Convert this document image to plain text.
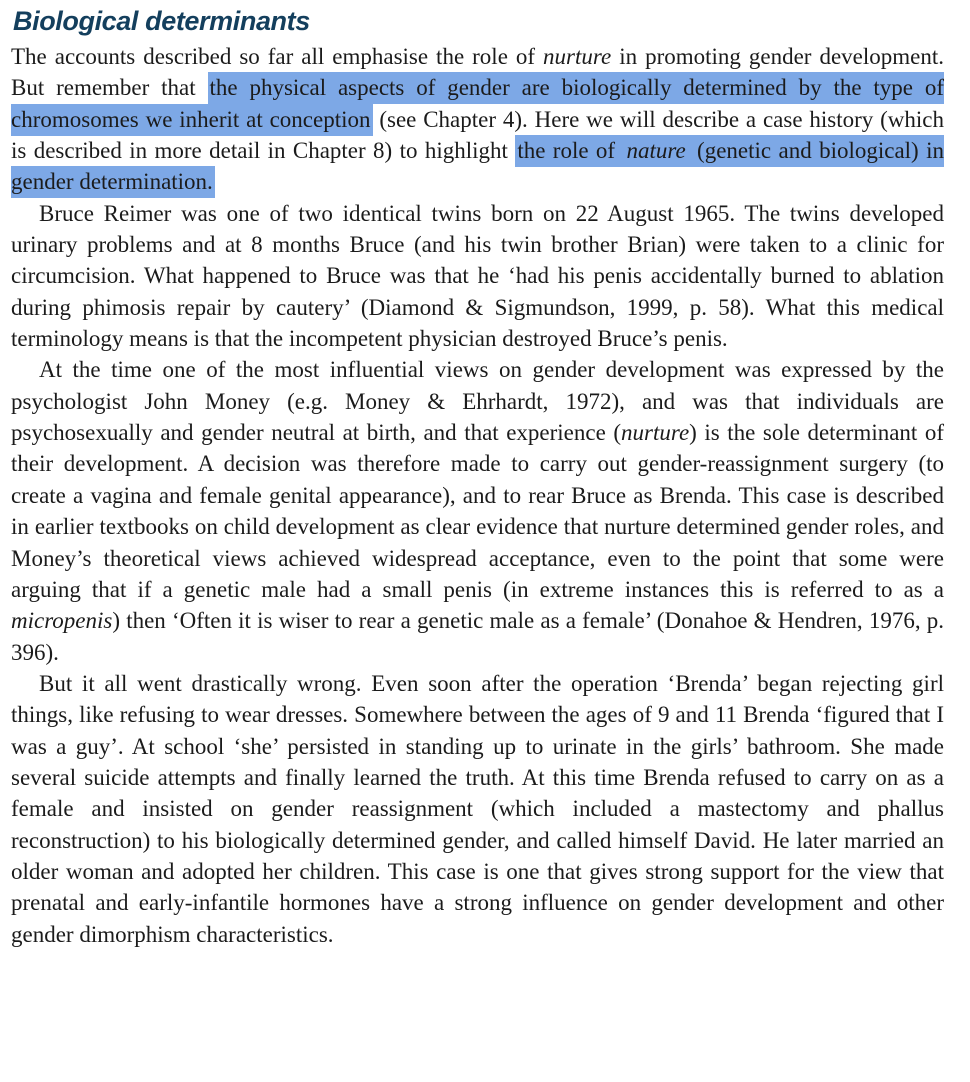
Biological determinants

The accounts described so far all emphasise the role of nurture in promoting gender development. But remember that the physical aspects of gender are biologically determined by the type of chromosomes we inherit at conception (see Chapter 4). Here we will describe a case history (which is described in more detail in Chapter 8) to highlight the role of nature (genetic and biological) in gender determination.

Bruce Reimer was one of two identical twins born on 22 August 1965. The twins developed urinary problems and at 8 months Bruce (and his twin brother Brian) were taken to a clinic for circumcision. What happened to Bruce was that he ‘had his penis accidentally burned to ablation during phimosis repair by cautery’ (Diamond & Sigmundson, 1999, p. 58). What this medical terminology means is that the incompetent physician destroyed Bruce’s penis.

At the time one of the most influential views on gender development was expressed by the psychologist John Money (e.g. Money & Ehrhardt, 1972), and was that individuals are psychosexually and gender neutral at birth, and that experience (nurture) is the sole determinant of their development. A decision was therefore made to carry out gender-reassignment surgery (to create a vagina and female genital appearance), and to rear Bruce as Brenda. This case is described in earlier textbooks on child development as clear evidence that nurture determined gender roles, and Money’s theoretical views achieved widespread acceptance, even to the point that some were arguing that if a genetic male had a small penis (in extreme instances this is referred to as a micropenis) then ‘Often it is wiser to rear a genetic male as a female’ (Donahoe & Hendren, 1976, p. 396).

But it all went drastically wrong. Even soon after the operation ‘Brenda’ began rejecting girl things, like refusing to wear dresses. Somewhere between the ages of 9 and 11 Brenda ‘figured that I was a guy’. At school ‘she’ persisted in standing up to urinate in the girls’ bathroom. She made several suicide attempts and finally learned the truth. At this time Brenda refused to carry on as a female and insisted on gender reassignment (which included a mastectomy and phallus reconstruction) to his biologically determined gender, and called himself David. He later married an older woman and adopted her children. This case is one that gives strong support for the view that prenatal and early-infantile hormones have a strong influence on gender development and other gender dimorphism characteristics.
